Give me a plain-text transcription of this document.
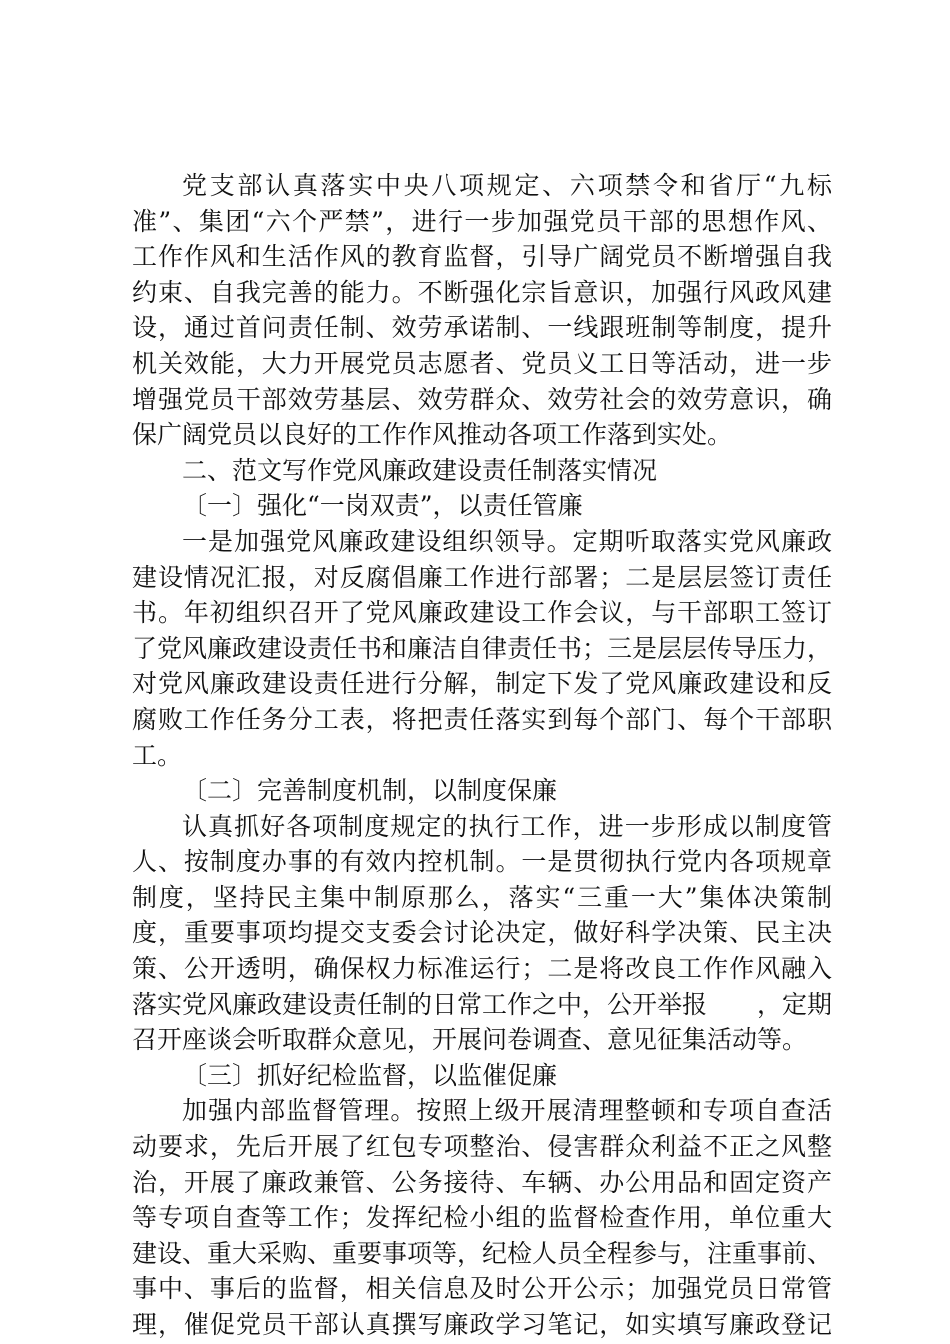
党支部认真落实中央八项规定、六项禁令和省厅“九标
准”、集团“六个严禁”，进行一步加强党员干部的思想作风、
工作作风和生活作风的教育监督，引导广阔党员不断增强自我
约束、自我完善的能力。不断强化宗旨意识，加强行风政风建
设，通过首问责任制、效劳承诺制、一线跟班制等制度，提升
机关效能，大力开展党员志愿者、党员义工日等活动，进一步
增强党员干部效劳基层、效劳群众、效劳社会的效劳意识，确
保广阔党员以良好的工作作风推动各项工作落到实处。
二、范文写作党风廉政建设责任制落实情况
〔一〕强化“一岗双责”，以责任管廉
一是加强党风廉政建设组织领导。定期听取落实党风廉政
建设情况汇报，对反腐倡廉工作进行部署；二是层层签订责任
书。年初组织召开了党风廉政建设工作会议，与干部职工签订
了党风廉政建设责任书和廉洁自律责任书；三是层层传导压力，
对党风廉政建设责任进行分解，制定下发了党风廉政建设和反
腐败工作任务分工表，将把责任落实到每个部门、每个干部职
工。
〔二〕完善制度机制，以制度保廉
认真抓好各项制度规定的执行工作，进一步形成以制度管
人、按制度办事的有效内控机制。一是贯彻执行党内各项规章
制度，坚持民主集中制原那么，落实“三重一大”集体决策制
度，重要事项均提交支委会讨论决定，做好科学决策、民主决
策、公开透明，确保权力标准运行；二是将改良工作作风融入
落实党风廉政建设责任制的日常工作之中，公开举报　　，定期
召开座谈会听取群众意见，开展问卷调查、意见征集活动等。
〔三〕抓好纪检监督，以监催促廉
加强内部监督管理。按照上级开展清理整顿和专项自查活
动要求，先后开展了红包专项整治、侵害群众利益不正之风整
治，开展了廉政兼管、公务接待、车辆、办公用品和固定资产
等专项自查等工作；发挥纪检小组的监督检查作用，单位重大
建设、重大采购、重要事项等，纪检人员全程参与，注重事前、
事中、事后的监督，相关信息及时公开公示；加强党员日常管
理，催促党员干部认真撰写廉政学习笔记，如实填写廉政登记
